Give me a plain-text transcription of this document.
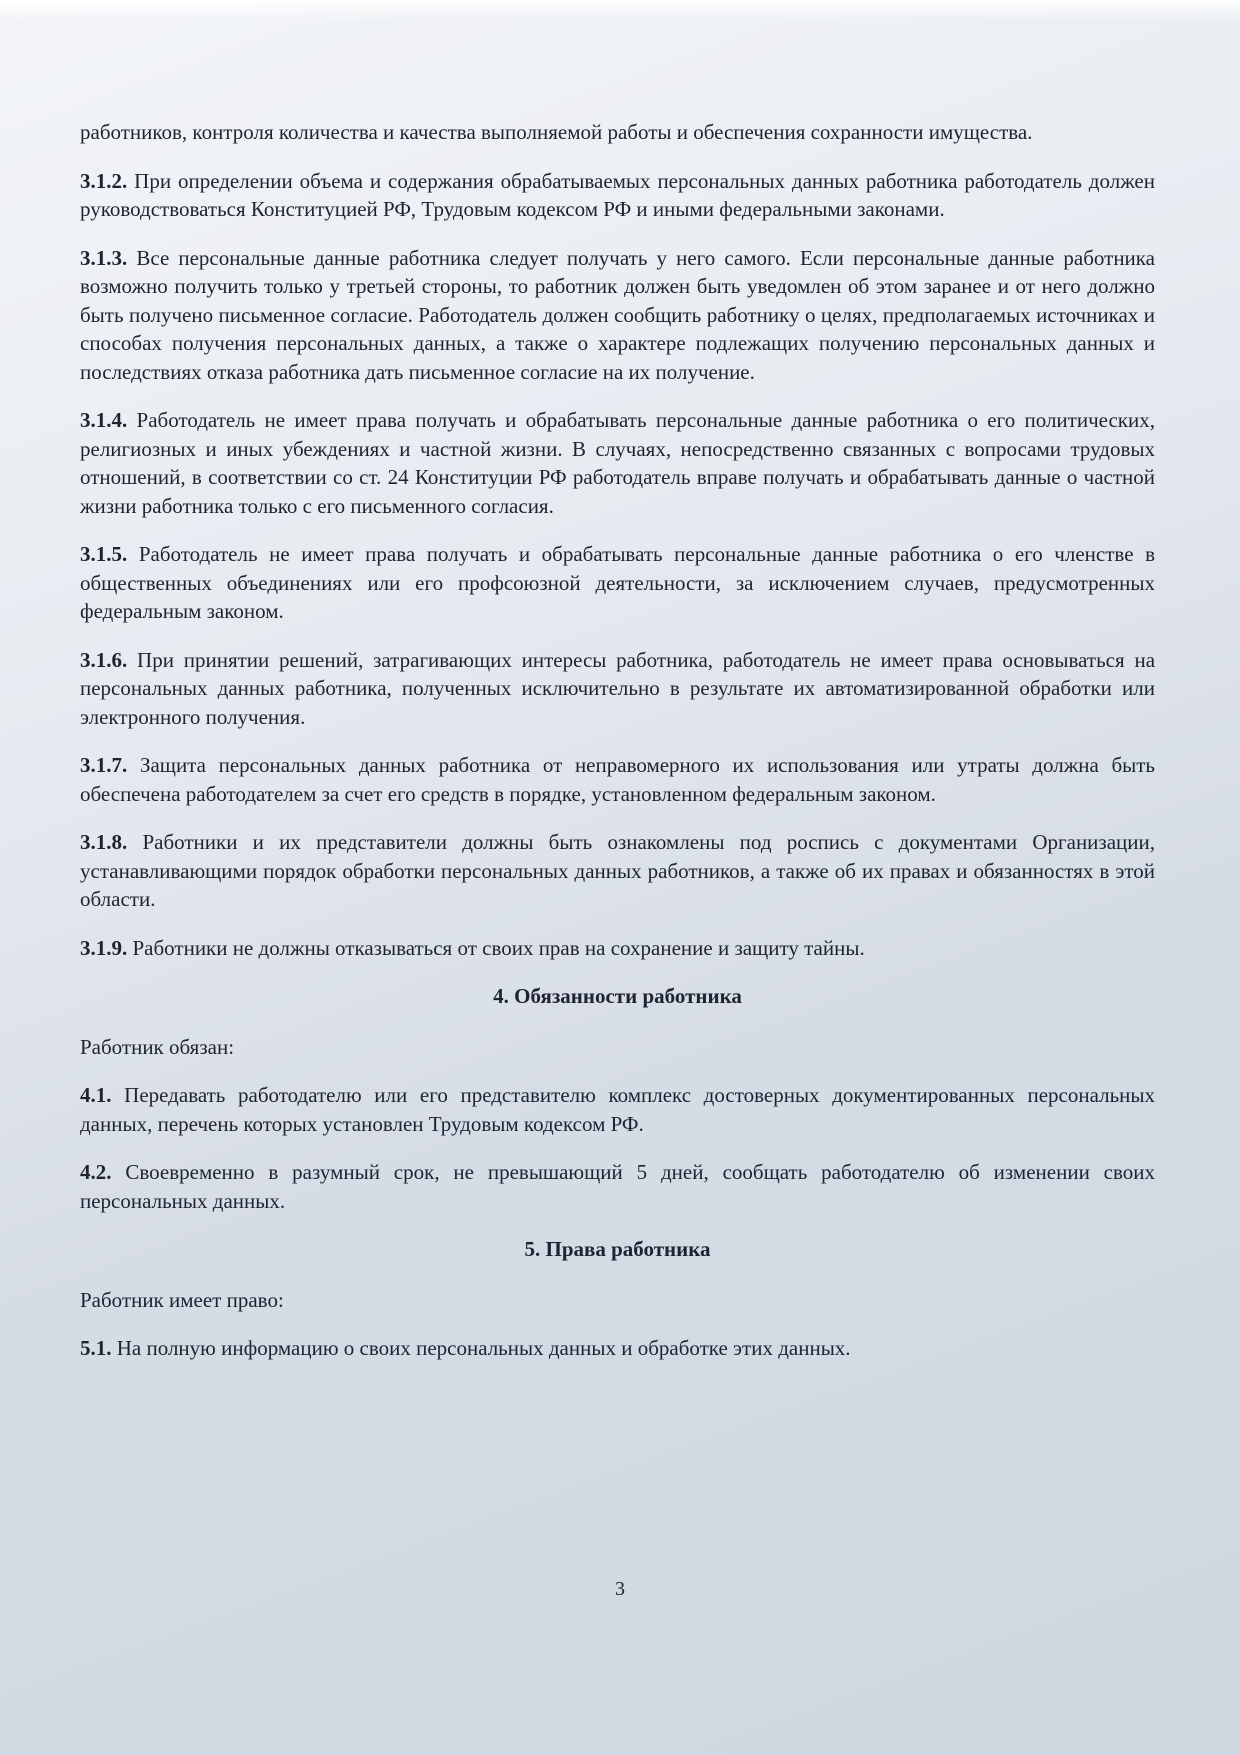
работников, контроля количества и качества выполняемой работы и обеспечения сохранности имущества.

3.1.2. При определении объема и содержания обрабатываемых персональных данных работника работодатель должен руководствоваться Конституцией РФ, Трудовым кодексом РФ и иными федеральными законами.

3.1.3. Все персональные данные работника следует получать у него самого. Если персональные данные работника возможно получить только у третьей стороны, то работник должен быть уведомлен об этом заранее и от него должно быть получено письменное согласие. Работодатель должен сообщить работнику о целях, предполагаемых источниках и способах получения персональных данных, а также о характере подлежащих получению персональных данных и последствиях отказа работника дать письменное согласие на их получение.

3.1.4. Работодатель не имеет права получать и обрабатывать персональные данные работника о его политических, религиозных и иных убеждениях и частной жизни. В случаях, непосредственно связанных с вопросами трудовых отношений, в соответствии со ст. 24 Конституции РФ работодатель вправе получать и обрабатывать данные о частной жизни работника только с его письменного согласия.

3.1.5. Работодатель не имеет права получать и обрабатывать персональные данные работника о его членстве в общественных объединениях или его профсоюзной деятельности, за исключением случаев, предусмотренных федеральным законом.

3.1.6. При принятии решений, затрагивающих интересы работника, работодатель не имеет права основываться на персональных данных работника, полученных исключительно в результате их автоматизированной обработки или электронного получения.

3.1.7. Защита персональных данных работника от неправомерного их использования или утраты должна быть обеспечена работодателем за счет его средств в порядке, установленном федеральным законом.

3.1.8. Работники и их представители должны быть ознакомлены под роспись с документами Организации, устанавливающими порядок обработки персональных данных работников, а также об их правах и обязанностях в этой области.

3.1.9. Работники не должны отказываться от своих прав на сохранение и защиту тайны.

4. Обязанности работника

Работник обязан:

4.1. Передавать работодателю или его представителю комплекс достоверных документированных персональных данных, перечень которых установлен Трудовым кодексом РФ.

4.2. Своевременно в разумный срок, не превышающий 5 дней, сообщать работодателю об изменении своих персональных данных.

5. Права работника

Работник имеет право:

5.1. На полную информацию о своих персональных данных и обработке этих данных.

3
